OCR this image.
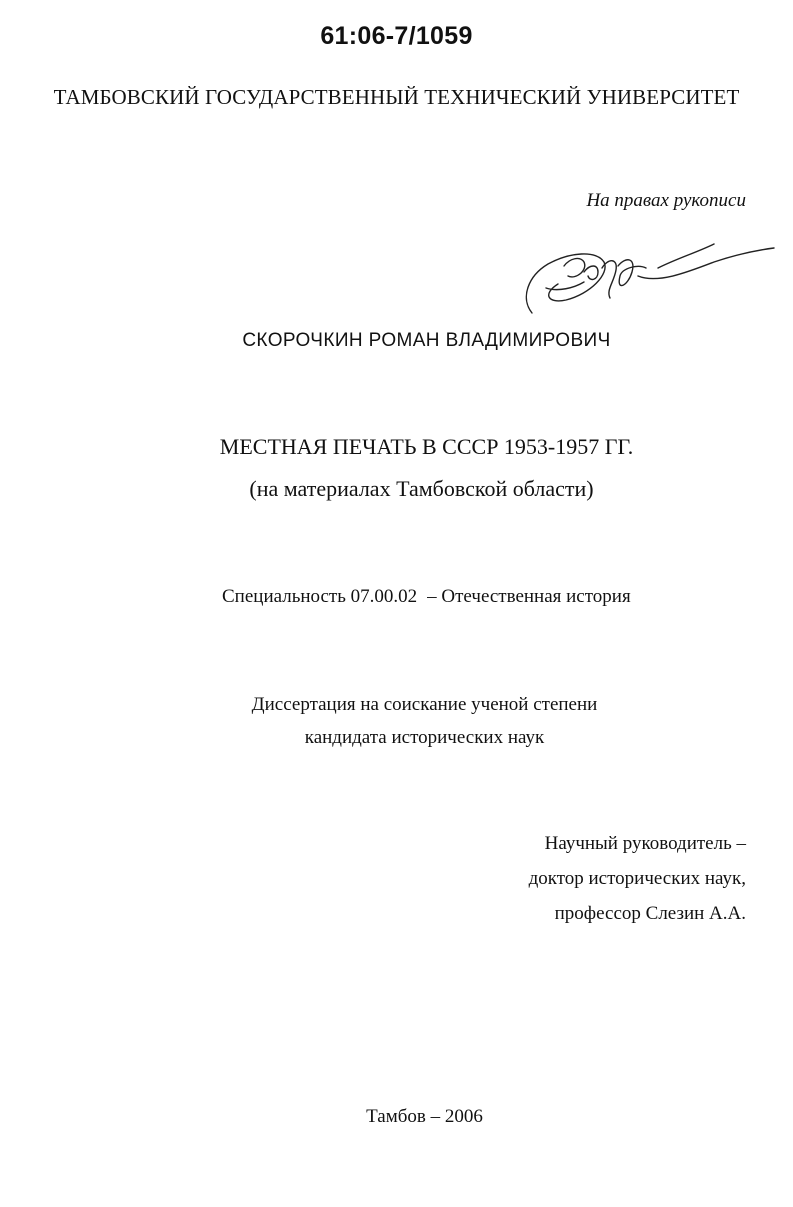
61:06-7/1059
ТАМБОВСКИЙ ГОСУДАРСТВЕННЫЙ ТЕХНИЧЕСКИЙ УНИВЕРСИТЕТ
На правах рукописи
СКОРОЧКИН РОМАН ВЛАДИМИРОВИЧ
МЕСТНАЯ ПЕЧАТЬ В СССР 1953-1957 ГГ.
(на материалах Тамбовской области)
Специальность 07.00.02 – Отечественная история
Диссертация на соискание ученой степени
кандидата исторических наук
Научный руководитель –
доктор исторических наук,
профессор Слезин А.А.
Тамбов – 2006
